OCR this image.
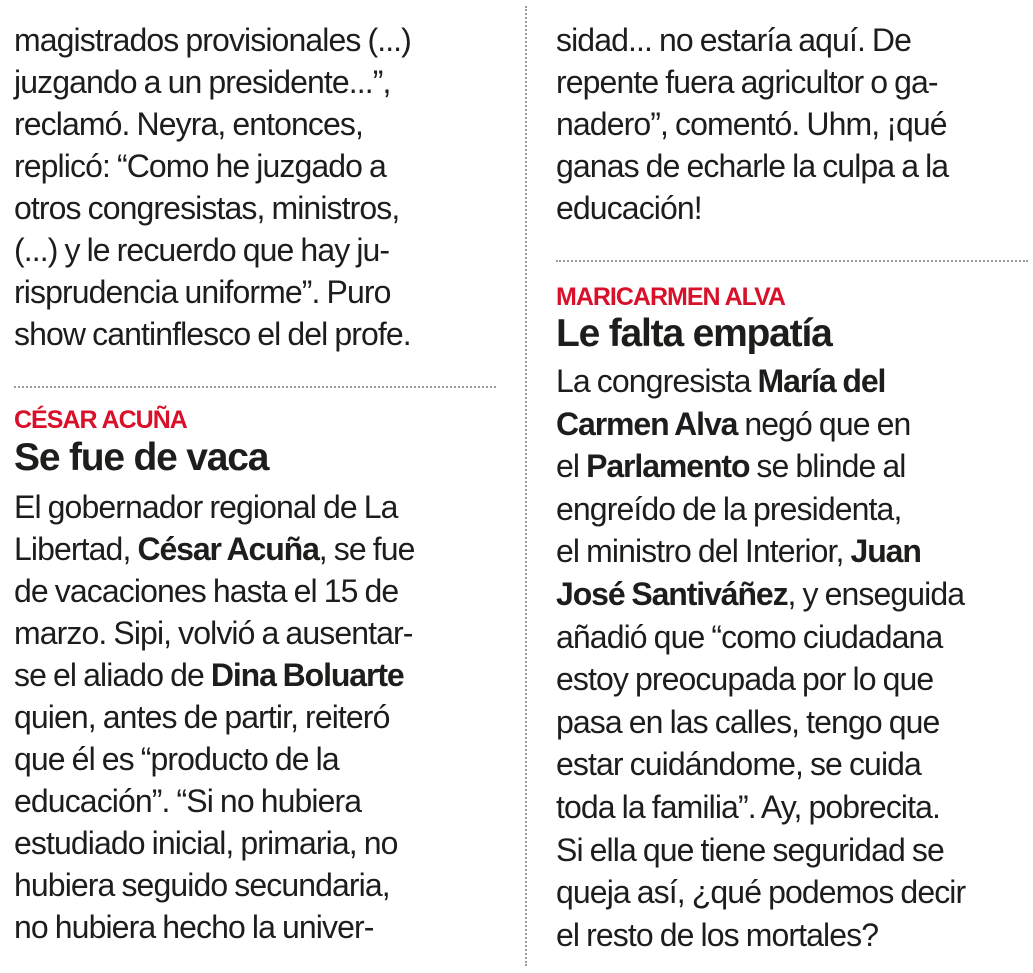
magistrados provisionales (...)
juzgando a un presidente...”,
reclamó. Neyra, entonces,
replicó: “Como he juzgado a
otros congresistas, ministros,
(...) y le recuerdo que hay ju-
risprudencia uniforme”. Puro
show cantinflesco el del profe.
CÉSAR ACUÑA
Se fue de vaca
El gobernador regional de La
Libertad, César Acuña, se fue
de vacaciones hasta el 15 de
marzo. Sipi, volvió a ausentar-
se el aliado de Dina Boluarte
quien, antes de partir, reiteró
que él es “producto de la
educación”. “Si no hubiera
estudiado inicial, primaria, no
hubiera seguido secundaria,
no hubiera hecho la univer-
sidad... no estaría aquí. De
repente fuera agricultor o ga-
nadero”, comentó. Uhm, ¡qué
ganas de echarle la culpa a la
educación!
MARICARMEN ALVA
Le falta empatía
La congresista María del
Carmen Alva negó que en
el Parlamento se blinde al
engreído de la presidenta,
el ministro del Interior, Juan
José Santiváñez, y enseguida
añadió que “como ciudadana
estoy preocupada por lo que
pasa en las calles, tengo que
estar cuidándome, se cuida
toda la familia”. Ay, pobrecita.
Si ella que tiene seguridad se
queja así, ¿qué podemos decir
el resto de los mortales?
